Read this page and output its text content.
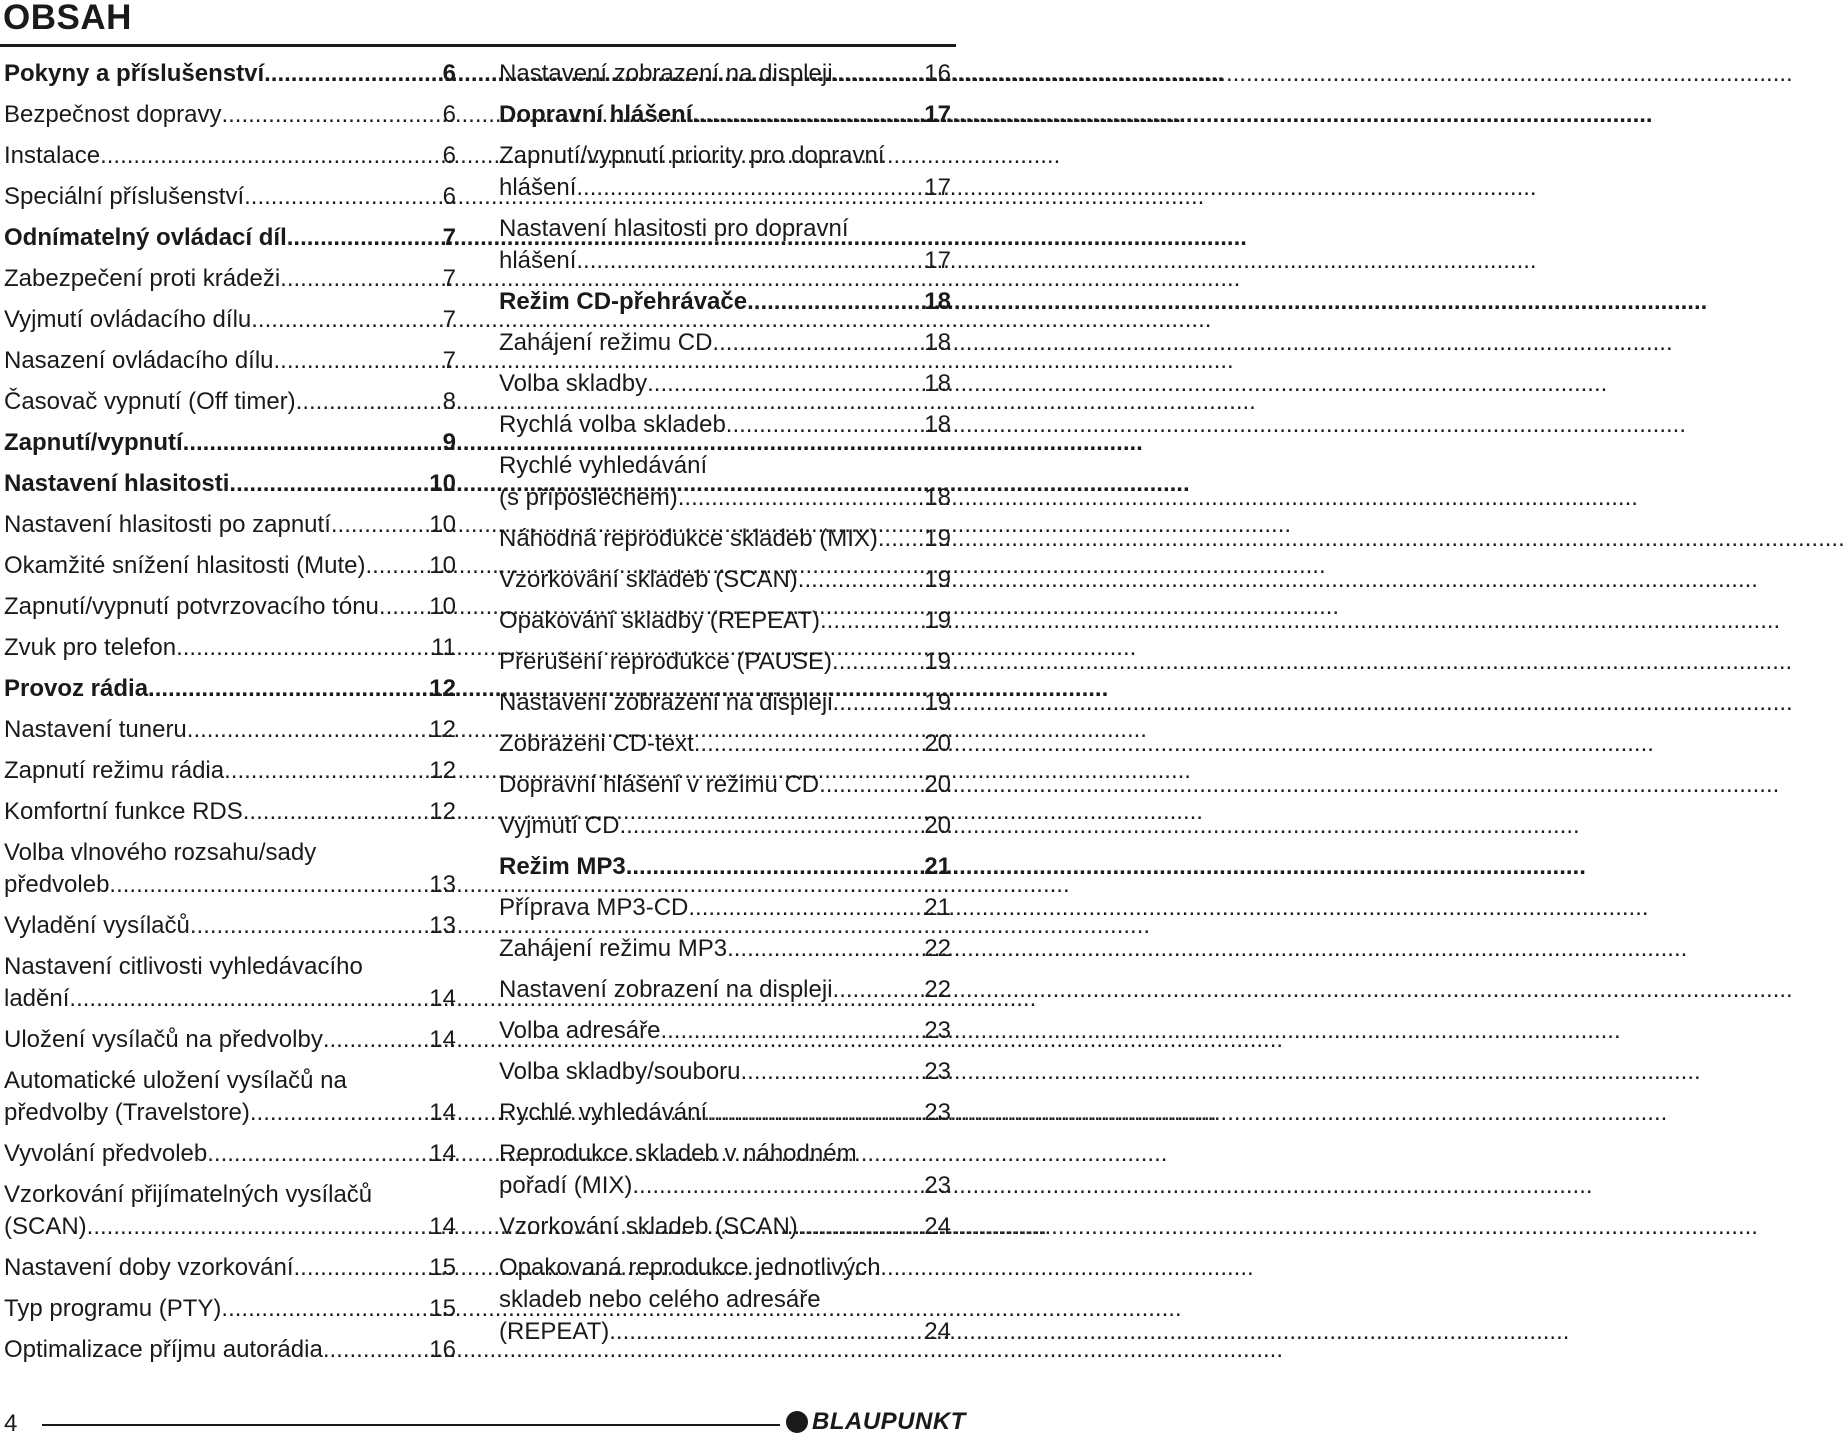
OBSAH
Pokyny a příslušenství .....	6
Bezpečnost dopravy .....	6
Instalace .....	6
Speciální příslušenství .....	6
Odnímatelný ovládací díl .....	7
Zabezpečení proti krádeži .....	7
Vyjmutí ovládacího dílu .....	7
Nasazení ovládacího dílu .....	7
Časovač vypnutí (Off timer) .....	8
Zapnutí/vypnutí .....	9
Nastavení hlasitosti .....	10
Nastavení hlasitosti po zapnutí .....	10
Okamžité snížení hlasitosti (Mute) .....	10
Zapnutí/vypnutí potvrzovacího tónu ..... 10
Zvuk pro telefon .....	11
Provoz rádia .....	12
Nastavení tuneru .....	12
Zapnutí režimu rádia. .....	12
Komfortní funkce RDS .....	12
Volba vlnového rozsahu/sady
předvoleb .....	13
Vyladění vysílačů .....	13
Nastavení citlivosti vyhledávacího
ladění. .....	14
Uložení vysílačů na předvolby .....	14
Automatické uložení vysílačů na
předvolby (Travelstore). .....	14
Vyvolání předvoleb .....	14
Vzorkování přijímatelných vysílačů
(SCAN) .....	14
Nastavení doby vzorkování .....	15
Typ programu (PTY) .....	15
Optimalizace příjmu autorádia .....	16
Nastavení zobrazení na displeji .....	16
Dopravní hlášení .....	17
Zapnutí/vypnutí priority pro dopravní
hlášení .....	17
Nastavení hlasitosti pro dopravní
hlášení .....	17
Režim CD-přehrávače .....	18
Zahájení režimu CD .....	18
Volba skladby .....	18
Rychlá volba skladeb .....	18
Rychlé vyhledávání
(s příposlechem) .....	18
Náhodná reprodukce skladeb (MIX). ..... 19
Vzorkování skladeb (SCAN) .....	19
Opakování skladby (REPEAT) .....	19
Přerušení reprodukce (PAUSE) .....	19
Nastavení zobrazení na displeji .....	19
Zobrazeni CD-text .....	20
Dopravní hlášení v režimu CD .....	20
Vyjmutí CD .....	20
Režim MP3 .....	21
Příprava MP3-CD .....	21
Zahájení režimu MP3 .....	22
Nastavení zobrazení na displeji .....	22
Volba adresáře .....	23
Volba skladby/souboru .....	23
Rychlé vyhledávání .....	23
Reprodukce skladeb v náhodném
pořadí (MIX) .....	23
Vzorkování skladeb (SCAN) .....	24
Opakovaná reprodukce jednotlivých
skladeb nebo celého adresáře
(REPEAT) .....	24
4	BLAUPUNKT
